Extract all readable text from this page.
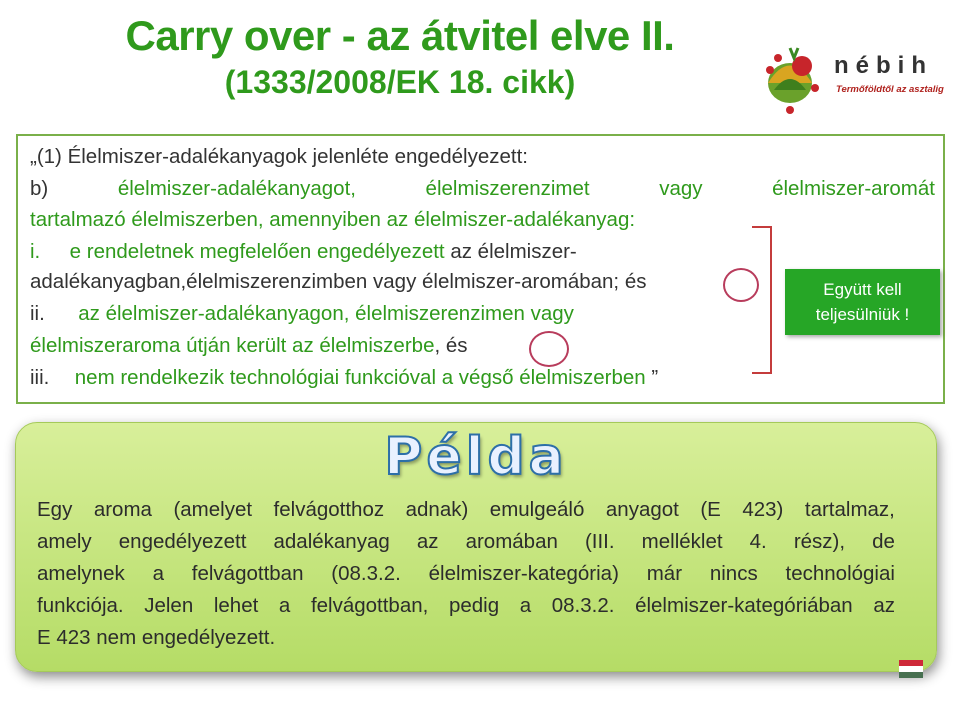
Carry over - az átvitel elve II.
(1333/2008/EK 18. cikk)	nébih
Termőföldtől az asztalig
„(1) Élelmiszer-adalékanyagok jelenléte engedélyezett:
b)	élelmiszer-adalékanyagot,	élelmiszerenzimet	vagy	élelmiszer-aromát
tartalmazó élelmiszerben, amennyiben az élelmiszer-adalékanyag:
i. e rendeletnek megfelelően engedélyezett az élelmiszer-
adalékanyagban,élelmiszerenzimben vagy élelmiszer-aromában; és
ii. az élelmiszer-adalékanyagon, élelmiszerenzimen vagy
élelmiszeraroma útján került az élelmiszerbe, és
iii. nem rendelkezik technológiai funkcióval a végső élelmiszerben ”
Együtt kell
teljesülniük !
Példa
Egy aroma (amelyet felvágotthoz adnak) emulgeáló anyagot (E 423) tartalmaz,
amely engedélyezett adalékanyag az aromában (III. melléklet 4. rész), de
amelynek a felvágottban (08.3.2. élelmiszer-kategória) már nincs technológiai
funkciója. Jelen lehet a felvágottban, pedig a 08.3.2. élelmiszer-kategóriában az
E 423 nem engedélyezett.
